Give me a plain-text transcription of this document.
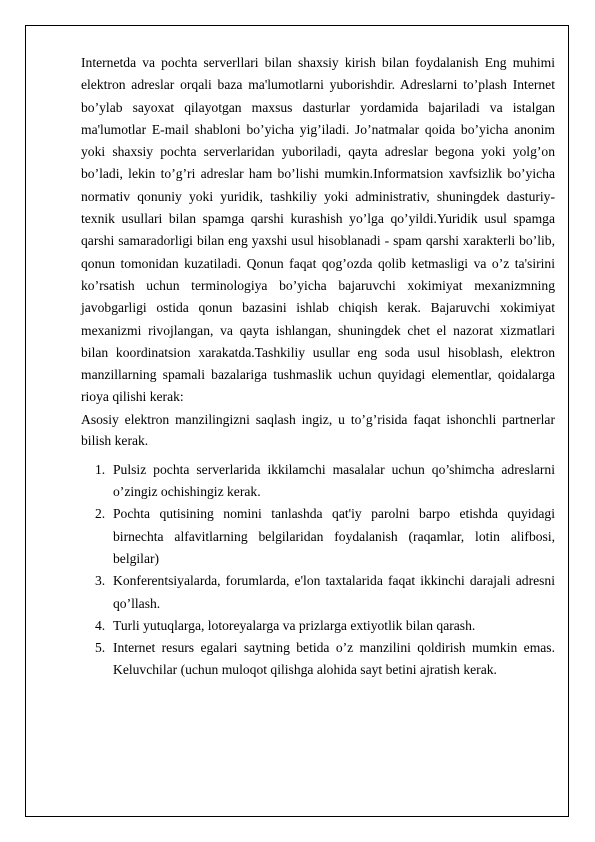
Internetda va pochta serverllari bilan shaxsiy kirish bilan foydalanish Eng muhimi elektron adreslar orqali baza ma'lumotlarni yuborishdir. Adreslarni to’plash Internet bo’ylab sayoxat qilayotgan maxsus dasturlar yordamida bajariladi va istalgan ma'lumotlar E-mail shabloni bo’yicha yig’iladi. Jo’natmalar qoida bo’yicha anonim yoki shaxsiy pochta serverlaridan yuboriladi, qayta adreslar begona yoki yolg’on bo’ladi, lekin to’g’ri adreslar ham bo’lishi mumkin.Informatsion xavfsizlik bo’yicha normativ qonuniy yoki yuridik, tashkiliy yoki administrativ, shuningdek dasturiy-texnik usullari bilan spamga qarshi kurashish yo’lga qo’yildi.Yuridik usul spamga qarshi samaradorligi bilan eng yaxshi usul hisoblanadi - spam qarshi xarakterli bo’lib, qonun tomonidan kuzatiladi. Qonun faqat qog’ozda qolib ketmasligi va o’z ta'sirini ko’rsatish uchun terminologiya bo’yicha bajaruvchi xokimiyat mexanizmning javobgarligi ostida qonun bazasini ishlab chiqish kerak. Bajaruvchi xokimiyat mexanizmi rivojlangan, va qayta ishlangan, shuningdek chet el nazorat xizmatlari bilan koordinatsion xarakatda.Tashkiliy usullar eng soda usul hisoblash, elektron manzillarning spamali bazalariga tushmaslik uchun quyidagi elementlar, qoidalarga rioya qilishi kerak:

Asosiy elektron manzilingizni saqlash ingiz, u to’g’risida faqat ishonchli partnerlar bilish kerak.

1. Pulsiz pochta serverlarida ikkilamchi masalalar uchun qo’shimcha adreslarni o’zingiz ochishingiz kerak.
2. Pochta qutisining nomini tanlashda qat'iy parolni barpo etishda quyidagi birnechta alfavitlarning belgilaridan foydalanish (raqamlar, lotin alifbosi, belgilar)
3. Konferentsiyalarda, forumlarda, e'lon taxtalarida faqat ikkinchi darajali adresni qo’llash.
4. Turli yutuqlarga, lotoreyalarga va prizlarga extiyotlik bilan qarash.
5. Internet resurs egalari saytning betida o’z manzilini qoldirish mumkin emas. Keluvchilar (uchun muloqot qilishga alohida sayt betini ajratish kerak.
